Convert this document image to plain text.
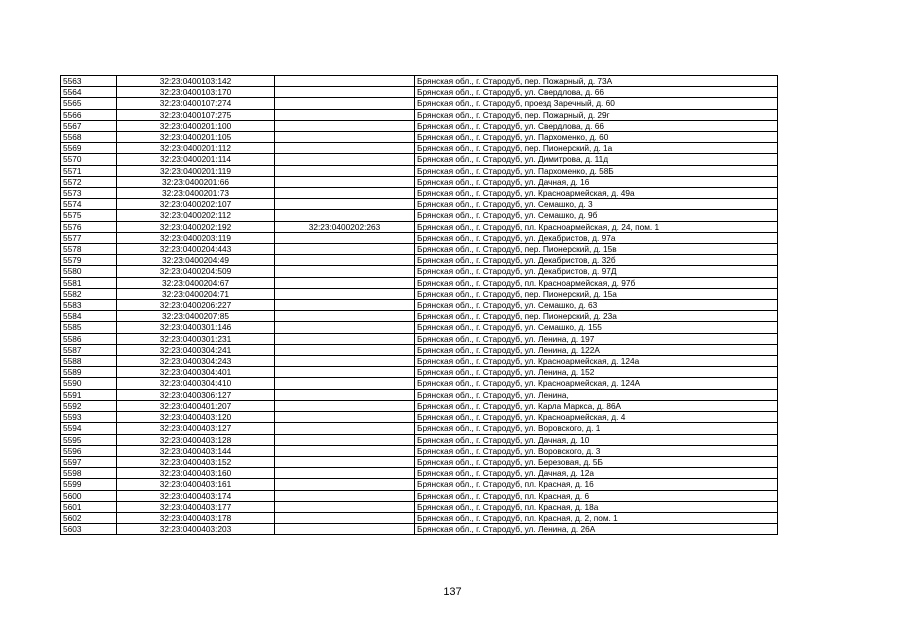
5563	32:23:0400103:142		Брянская обл., г. Стародуб, пер. Пожарный, д. 73А
5564	32:23:0400103:170		Брянская обл., г. Стародуб, ул. Свердлова, д. 66
5565	32:23:0400107:274		Брянская обл., г. Стародуб, проезд Заречный, д. 60
5566	32:23:0400107:275		Брянская обл., г. Стародуб, пер. Пожарный, д. 29г
5567	32:23:0400201:100		Брянская обл., г. Стародуб, ул. Свердлова, д. 66
5568	32:23:0400201:105		Брянская обл., г. Стародуб, ул. Пархоменко, д. 60
5569	32:23:0400201:112		Брянская обл., г. Стародуб, пер. Пионерский, д. 1а
5570	32:23:0400201:114		Брянская обл., г. Стародуб, ул. Димитрова, д. 11д
5571	32:23:0400201:119		Брянская обл., г. Стародуб, ул. Пархоменко, д. 58Б
5572	32:23:0400201:66		Брянская обл., г. Стародуб, ул. Дачная, д. 16
5573	32:23:0400201:73		Брянская обл., г. Стародуб, ул. Красноармейская, д. 49а
5574	32:23:0400202:107		Брянская обл., г. Стародуб, ул. Семашко, д. 3
5575	32:23:0400202:112		Брянская обл., г. Стародуб, ул. Семашко, д. 9б
5576	32:23:0400202:192	32:23:0400202:263	Брянская обл., г. Стародуб, пл. Красноармейская, д. 24, пом. 1
5577	32:23:0400203:119		Брянская обл., г. Стародуб, ул. Декабристов, д. 97а
5578	32:23:0400204:443		Брянская обл., г. Стародуб, пер. Пионерский, д. 15в
5579	32:23:0400204:49		Брянская обл., г. Стародуб, ул. Декабристов, д. 32б
5580	32:23:0400204:509		Брянская обл., г. Стародуб, ул. Декабристов, д. 97Д
5581	32:23:0400204:67		Брянская обл., г. Стародуб, пл. Красноармейская, д. 97б
5582	32:23:0400204:71		Брянская обл., г. Стародуб, пер. Пионерский, д. 15а
5583	32:23:0400206:227		Брянская обл., г. Стародуб, ул. Семашко, д. 63
5584	32:23:0400207:85		Брянская обл., г. Стародуб, пер. Пионерский, д. 23а
5585	32:23:0400301:146		Брянская обл., г. Стародуб, ул. Семашко, д. 155
5586	32:23:0400301:231		Брянская обл., г. Стародуб, ул. Ленина, д. 197
5587	32:23:0400304:241		Брянская обл., г. Стародуб, ул. Ленина, д. 122А
5588	32:23:0400304:243		Брянская обл., г. Стародуб, ул. Красноармейская, д. 124а
5589	32:23:0400304:401		Брянская обл., г. Стародуб, ул. Ленина, д. 152
5590	32:23:0400304:410		Брянская обл., г. Стародуб, ул. Красноармейская, д. 124А
5591	32:23:0400306:127		Брянская обл., г. Стародуб, ул. Ленина,
5592	32:23:0400401:207		Брянская обл., г. Стародуб, ул. Карла Маркса, д. 86А
5593	32:23:0400403:120		Брянская обл., г. Стародуб, ул. Красноармейская, д. 4
5594	32:23:0400403:127		Брянская обл., г. Стародуб, ул. Воровского, д. 1
5595	32:23:0400403:128		Брянская обл., г. Стародуб, ул. Дачная, д. 10
5596	32:23:0400403:144		Брянская обл., г. Стародуб, ул. Воровского, д. 3
5597	32:23:0400403:152		Брянская обл., г. Стародуб, ул. Березовая, д. 5Б
5598	32:23:0400403:160		Брянская обл., г. Стародуб, ул. Дачная, д. 12а
5599	32:23:0400403:161		Брянская обл., г. Стародуб, пл. Красная, д. 16
5600	32:23:0400403:174		Брянская обл., г. Стародуб, пл. Красная, д. 6
5601	32:23:0400403:177		Брянская обл., г. Стародуб, пл. Красная, д. 18а
5602	32:23:0400403:178		Брянская обл., г. Стародуб, пл. Красная, д. 2, пом. 1
5603	32:23:0400403:203		Брянская обл., г. Стародуб, ул. Ленина, д. 26А
137
